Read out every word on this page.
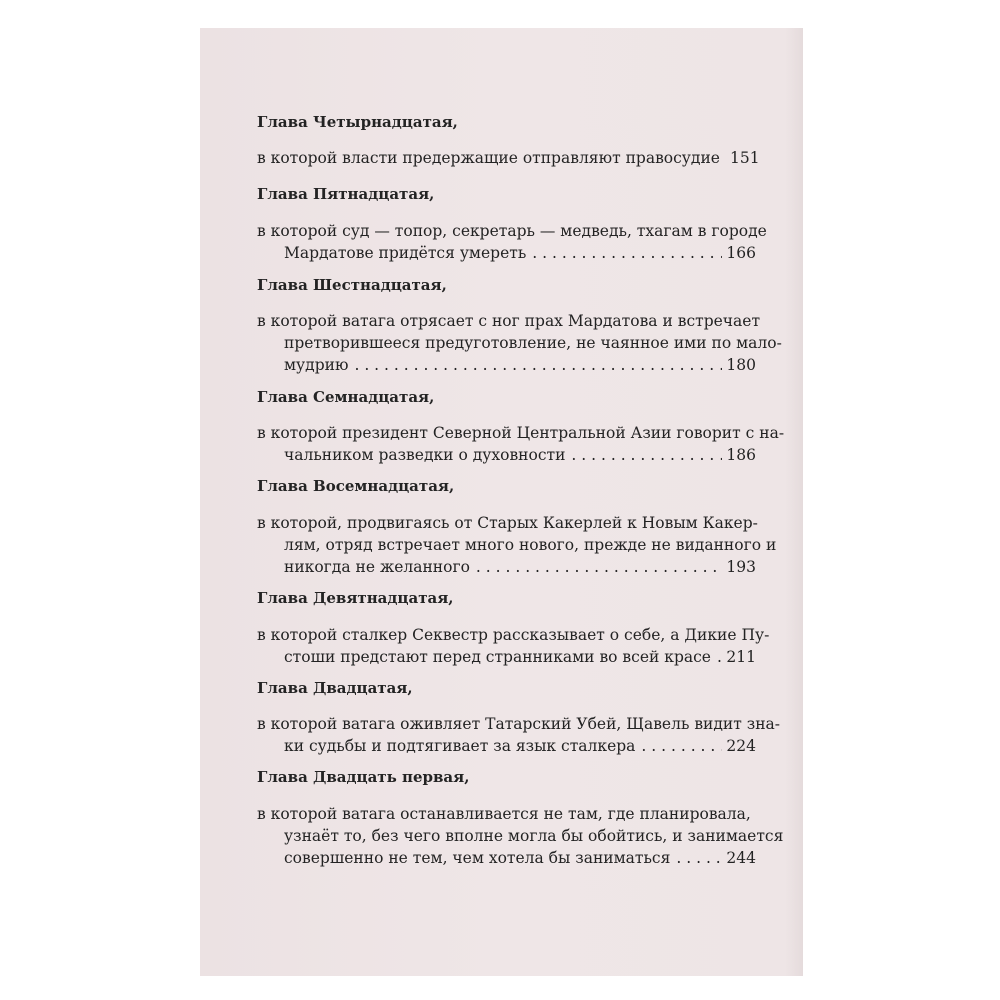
Глава Четырнадцатая,
в которой власти предержащие отправляют правосудие 151
Глава Пятнадцатая,
в которой суд — топор, секретарь — медведь, тхагам в городе
Мардатове придётся умереть . . .	166
Глава Шестнадцатая,
в которой ватага отрясает с ног прах Мардатова и встречает
претворившееся предуготовление, не чаянное ими по мало-
мудрию . . .	180
Глава Семнадцатая,
в которой президент Северной Центральной Азии говорит с на-
чальником разведки о духовности . . .	186
Глава Восемнадцатая,
в которой, продвигаясь от Старых Какерлей к Новым Какер-
лям, отряд встречает много нового, прежде не виданного и
никогда не желанного . . .	193
Глава Девятнадцатая,
в которой сталкер Секвестр рассказывает о себе, а Дикие Пу-
стоши предстают перед странниками во всей красе . . . 211
Глава Двадцатая,
в которой ватага оживляет Татарский Убей, Щавель видит зна-
ки судьбы и подтягивает за язык сталкера . . .	224
Глава Двадцать первая,
в которой ватага останавливается не там, где планировала,
узнаёт то, без чего вполне могла бы обойтись, и занимается
совершенно не тем, чем хотела бы заниматься . . .	244
